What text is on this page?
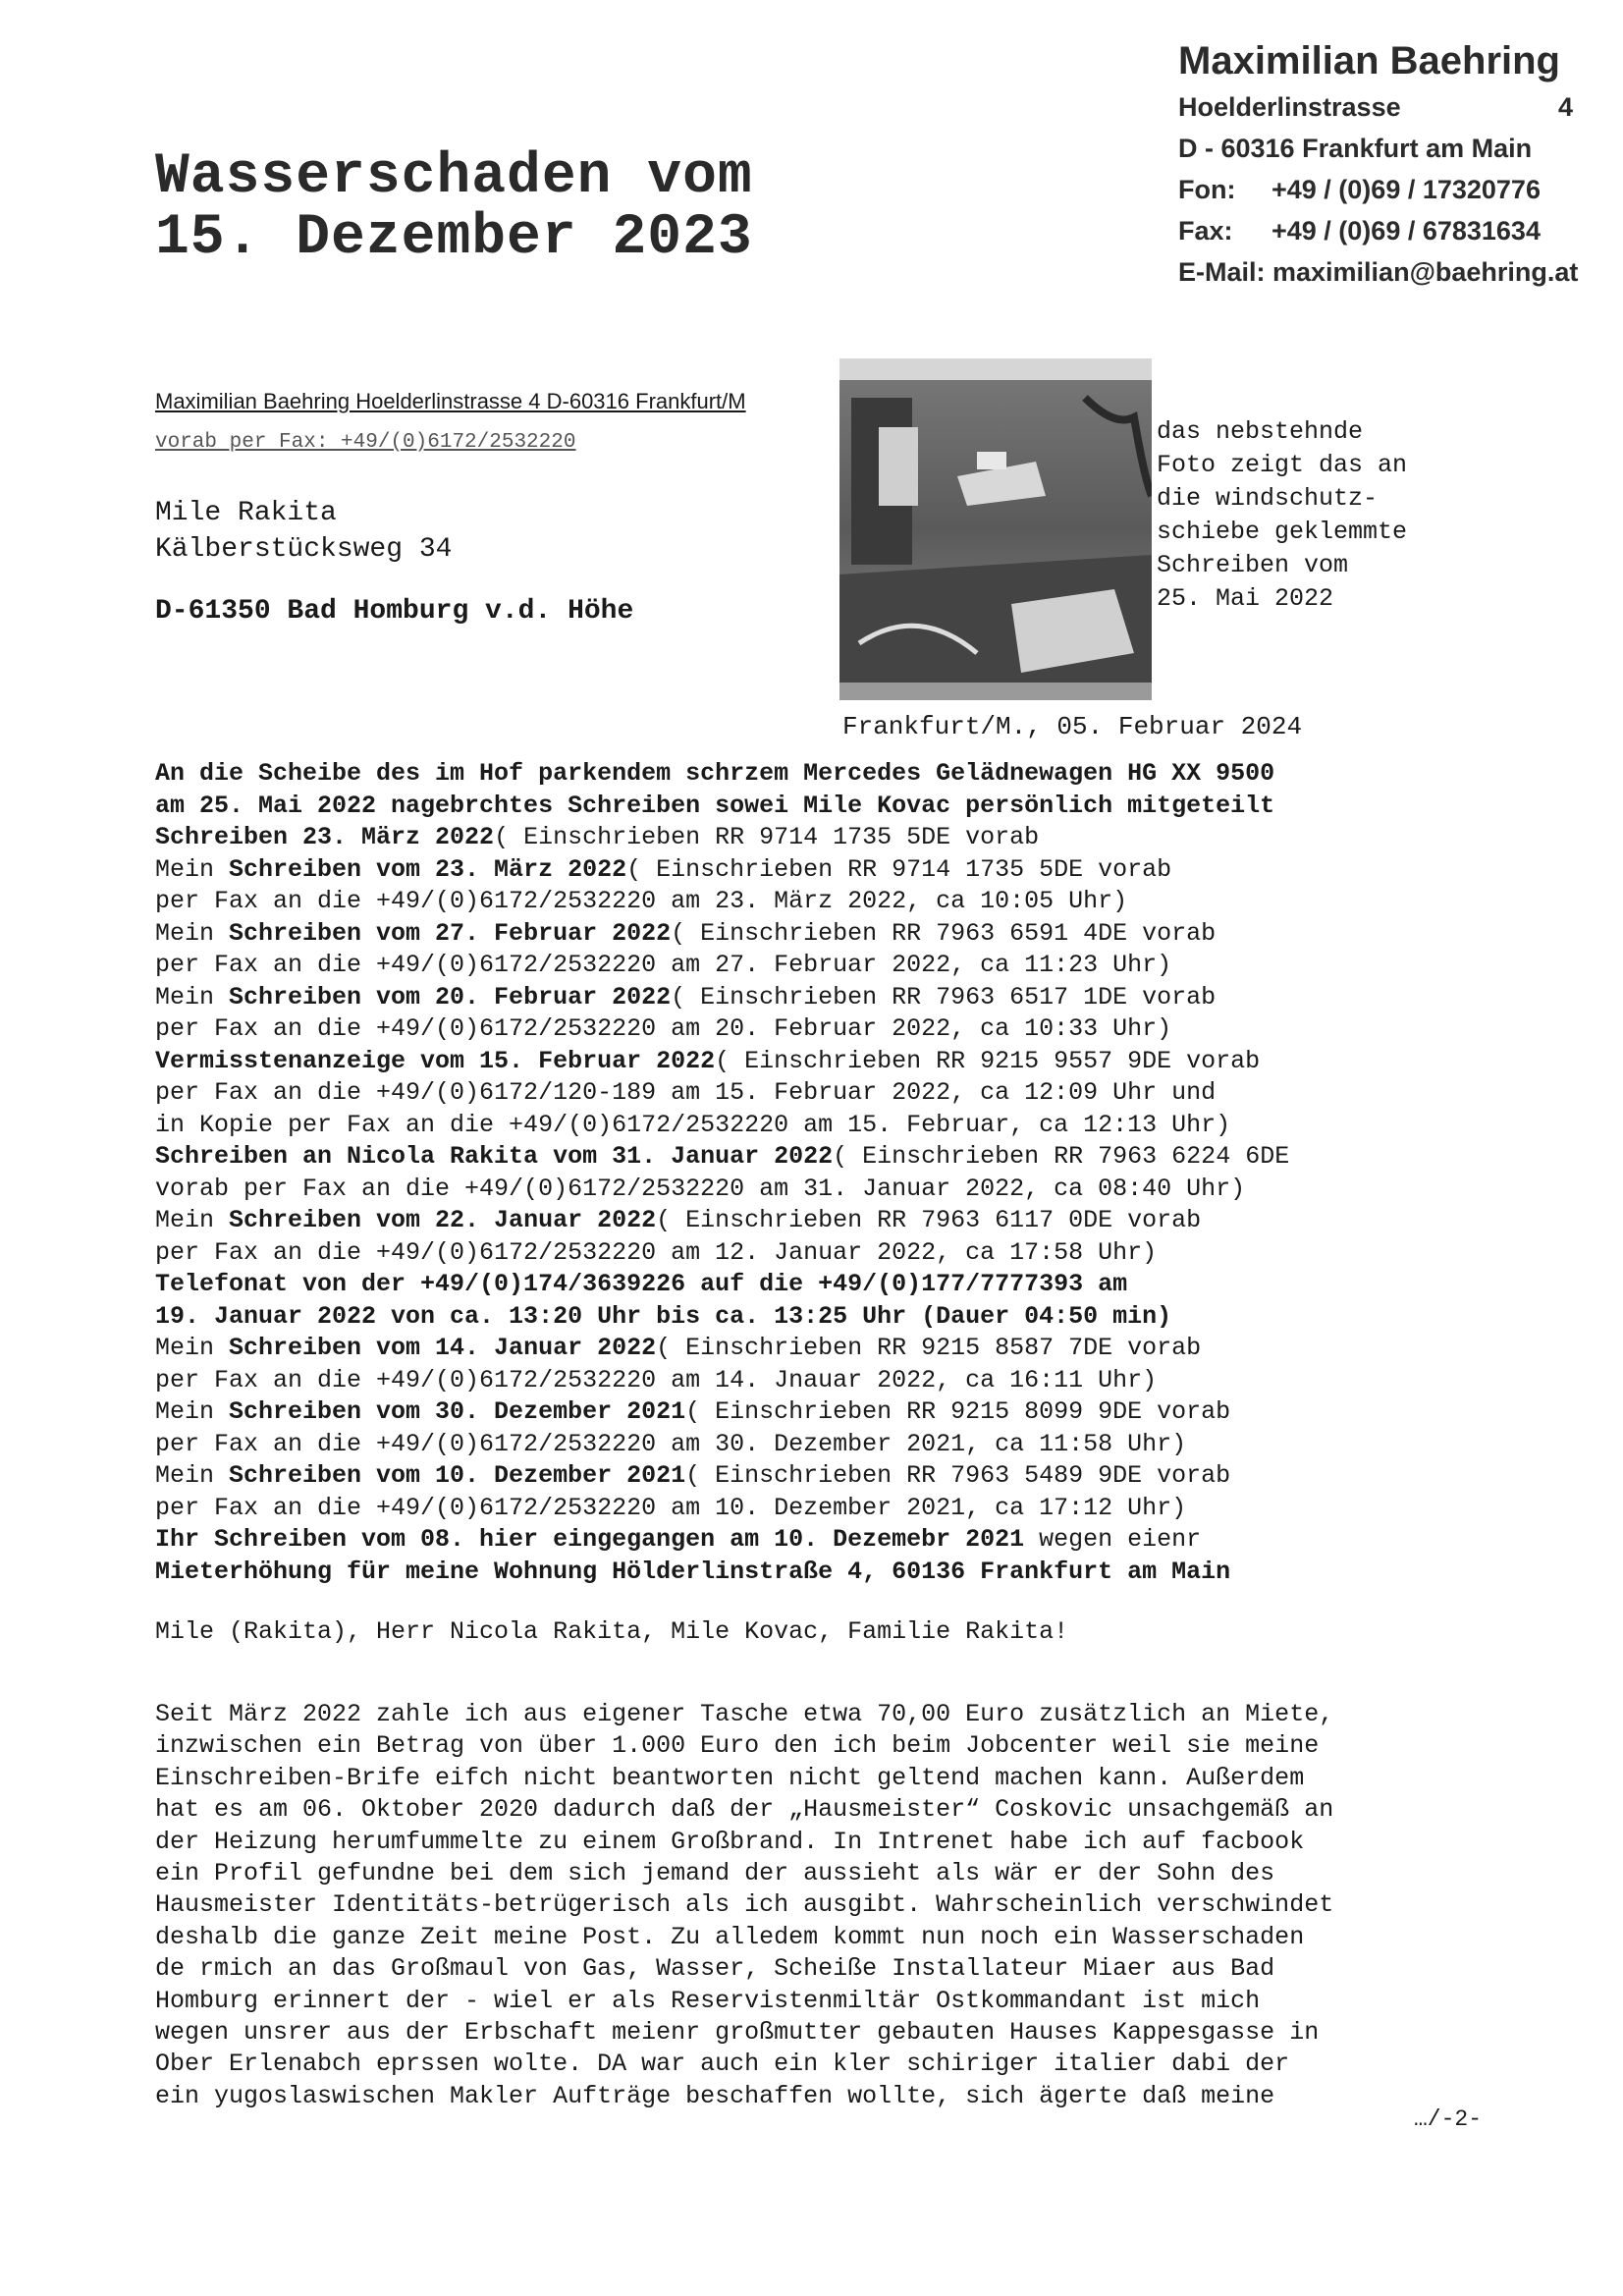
Wasserschaden vom
15. Dezember 2023
Maximilian Baehring
Hoelderlinstrasse	4
D - 60316 Frankfurt am Main
Fon: +49 / (0)69 / 17320776
Fax: +49 / (0)69 / 67831634
E-Mail: maximilian@baehring.at
Maximilian Baehring Hoelderlinstrasse 4 D-60316 Frankfurt/M
vorab per Fax: +49/(0)6172/2532220
Mile Rakita
Kälberstücksweg 34
D-61350 Bad Homburg v.d. Höhe
das nebstehnde
Foto zeigt das an
die windschutz-
schiebe geklemmte
Schreiben vom
25. Mai 2022
Frankfurt/M., 05. Februar 2024
An die Scheibe des im Hof parkendem schrzem Mercedes Gelädnewagen HG XX 9500
am 25. Mai 2022 nagebrchtes Schreiben sowei Mile Kovac persönlich mitgeteilt
Schreiben 23. März 2022( Einschrieben RR 9714 1735 5DE vorab
Mein Schreiben vom 23. März 2022( Einschrieben RR 9714 1735 5DE vorab
per Fax an die +49/(0)6172/2532220 am 23. März 2022, ca 10:05 Uhr)
Mein Schreiben vom 27. Februar 2022( Einschrieben RR 7963 6591 4DE vorab
per Fax an die +49/(0)6172/2532220 am 27. Februar 2022, ca 11:23 Uhr)
Mein Schreiben vom 20. Februar 2022( Einschrieben RR 7963 6517 1DE vorab
per Fax an die +49/(0)6172/2532220 am 20. Februar 2022, ca 10:33 Uhr)
Vermisstenanzeige vom 15. Februar 2022( Einschrieben RR 9215 9557 9DE vorab
per Fax an die +49/(0)6172/120-189 am 15. Februar 2022, ca 12:09 Uhr und
in Kopie per Fax an die +49/(0)6172/2532220 am 15. Februar, ca 12:13 Uhr)
Schreiben an Nicola Rakita vom 31. Januar 2022( Einschrieben RR 7963 6224 6DE
vorab per Fax an die +49/(0)6172/2532220 am 31. Januar 2022, ca 08:40 Uhr)
Mein Schreiben vom 22. Januar 2022( Einschrieben RR 7963 6117 0DE vorab
per Fax an die +49/(0)6172/2532220 am 12. Januar 2022, ca 17:58 Uhr)
Telefonat von der +49/(0)174/3639226 auf die +49/(0)177/7777393 am
19. Januar 2022 von ca. 13:20 Uhr bis ca. 13:25 Uhr (Dauer 04:50 min)
Mein Schreiben vom 14. Januar 2022( Einschrieben RR 9215 8587 7DE vorab
per Fax an die +49/(0)6172/2532220 am 14. Jnauar 2022, ca 16:11 Uhr)
Mein Schreiben vom 30. Dezember 2021( Einschrieben RR 9215 8099 9DE vorab
per Fax an die +49/(0)6172/2532220 am 30. Dezember 2021, ca 11:58 Uhr)
Mein Schreiben vom 10. Dezember 2021( Einschrieben RR 7963 5489 9DE vorab
per Fax an die +49/(0)6172/2532220 am 10. Dezember 2021, ca 17:12 Uhr)
Ihr Schreiben vom 08. hier eingegangen am 10. Dezemebr 2021 wegen eienr
Mieterhöhung für meine Wohnung Hölderlinstraße 4, 60136 Frankfurt am Main
Mile (Rakita), Herr Nicola Rakita, Mile Kovac, Familie Rakita!
Seit März 2022 zahle ich aus eigener Tasche etwa 70,00 Euro zusätzlich an Miete,
inzwischen ein Betrag von über 1.000 Euro den ich beim Jobcenter weil sie meine
Einschreiben-Brife eifch nicht beantworten nicht geltend machen kann. Außerdem
hat es am 06. Oktober 2020 dadurch daß der „Hausmeister“ Coskovic unsachgemäß an
der Heizung herumfummelte zu einem Großbrand. In Intrenet habe ich auf facbook
ein Profil gefundne bei dem sich jemand der aussieht als wär er der Sohn des
Hausmeister Identitäts-betrügerisch als ich ausgibt. Wahrscheinlich verschwindet
deshalb die ganze Zeit meine Post. Zu alledem kommt nun noch ein Wasserschaden
de rmich an das Großmaul von Gas, Wasser, Scheiße Installateur Miaer aus Bad
Homburg erinnert der - wiel er als Reservistenmiltär Ostkommandant ist mich
wegen unsrer aus der Erbschaft meienr großmutter gebauten Hauses Kappesgasse in
Ober Erlenabch eprssen wolte. DA war auch ein kler schiriger italier dabi der
ein yugoslaswischen Makler Aufträge beschaffen wollte, sich ägerte daß meine
…/-2-
